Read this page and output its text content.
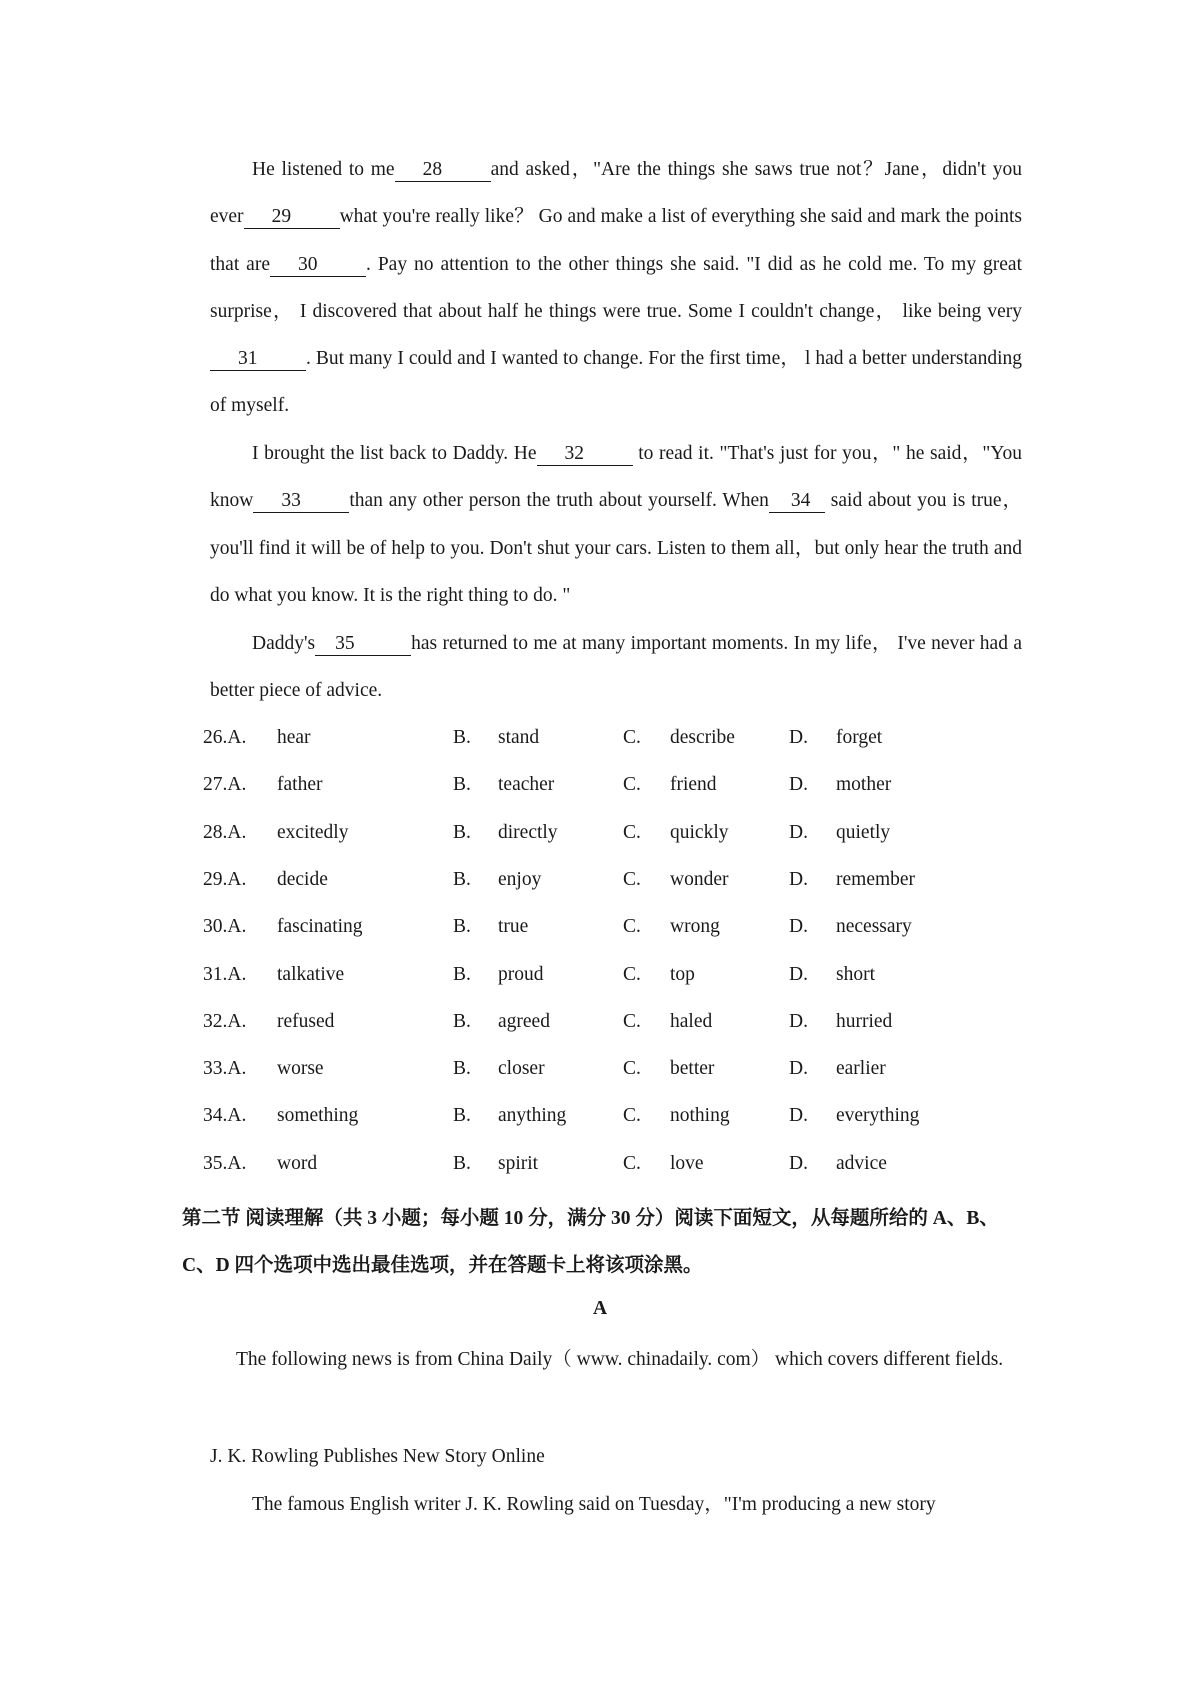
He listened to me 28 and asked，"Are the things she saws true not？Jane，didn't you ever 29 what you're really like？ Go and make a list of everything she said and mark the points that are 30 . Pay no attention to the other things she said. "I did as he cold me. To my great surprise， I discovered that about half he things were true. Some I couldn't change， like being very31 . But many I could and I wanted to change. For the first time， l had a better understanding of myself.

I brought the list back to Daddy. He 32	to read it. "That's just for you，" he said，"You know 33 than any other person the truth about yourself. When 34 said about you is true，you'll find it will be of help to you. Don't shut your cars. Listen to them all，but only hear the truth and do what you know. It is the right thing to do. "

Daddy's 35	has returned to me at many important moments. In my life， I've never had a better piece of advice.

26.A. hear	B. stand	C. describe	D. forget
27.A. father	B. teacher	C. friend	D. mother
28.A. excitedly	B. directly	C. quickly	D. quietly
29.A. decide	B. enjoy	C. wonder	D. remember
30.A. fascinating	B. true	C. wrong	D. necessary
31.A. talkative	B. proud	C. top	D. short
32.A. refused	B. agreed	C. haled	D. hurried
33.A. worse	B. closer	C. better	D. earlier
34.A. something	B. anything	C. nothing	D. everything
35.A. word	B. spirit	C. love	D. advice
第二节 阅读理解（共 3 小题；每小题 10 分，满分 30 分）阅读下面短文，从每题所给的 A、B、C、D 四个选项中选出最佳选项，并在答题卡上将该项涂黑。
A

The following news is from China Daily（ www. chinadaily. com） which covers different fields.

J. K. Rowling Publishes New Story Online

The famous English writer J. K. Rowling said on Tuesday，"I'm producing a new story
